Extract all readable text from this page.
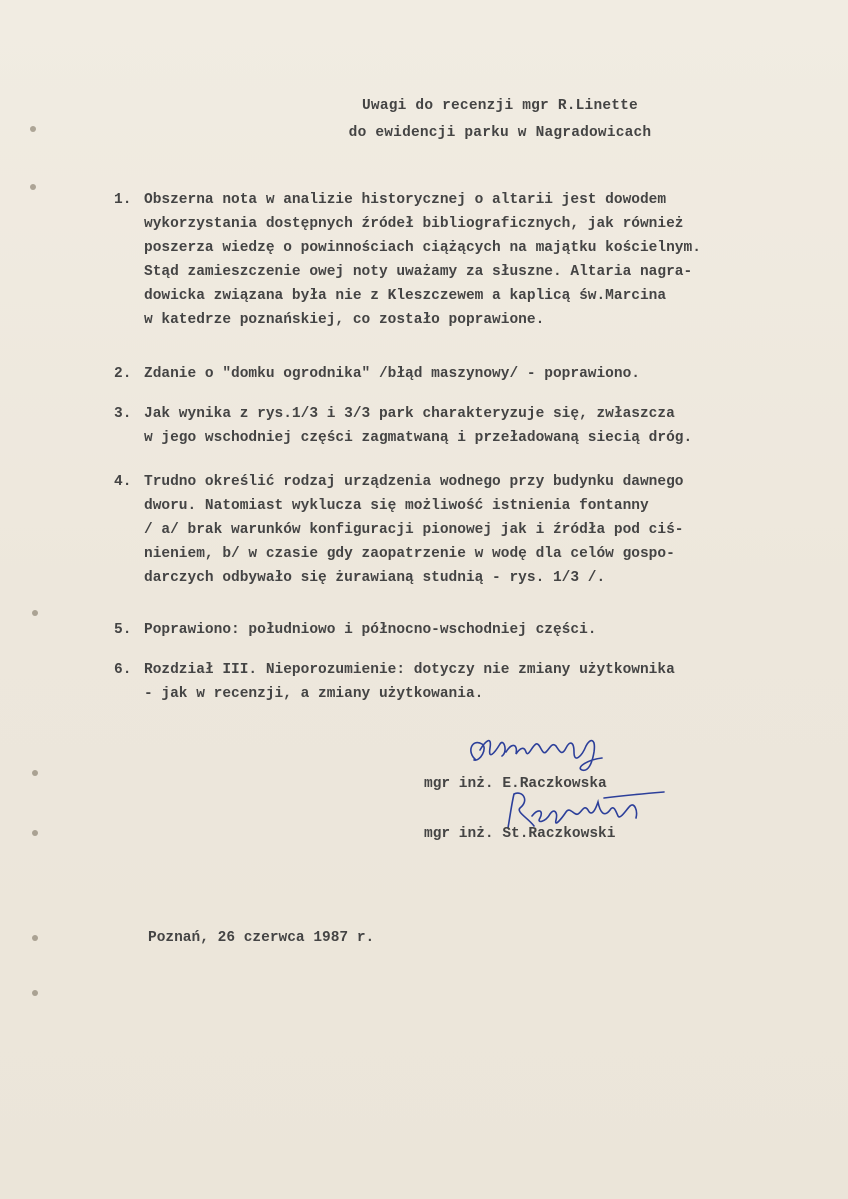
Uwagi do recenzji mgr R.Linette
do ewidencji parku w Nagradowicach
1. Obszerna nota w analizie historycznej o altarii jest dowodem
wykorzystania dostępnych źródeł bibliograficznych, jak również
poszerza wiedzę o powinnościach ciążących na majątku kościelnym.
Stąd zamieszczenie owej noty uważamy za słuszne. Altaria nagra-
dowicka związana była nie z Kleszczewem a kaplicą św.Marcina
w katedrze poznańskiej, co zostało poprawione.
2. Zdanie o "domku ogrodnika" /błąd maszynowy/ - poprawiono.
3. Jak wynika z rys.1/3 i 3/3 park charakteryzuje się, zwłaszcza
w jego wschodniej części zagmatwaną i przeładowaną siecią dróg.
4. Trudno określić rodzaj urządzenia wodnego przy budynku dawnego
dworu. Natomiast wyklucza się możliwość istnienia fontanny
/ a/ brak warunków konfiguracji pionowej jak i źródła pod ciś-
nieniem, b/ w czasie gdy zaopatrzenie w wodę dla celów gospo-
darczych odbywało się żurawianą studnią - rys. 1/3 /.
5. Poprawiono: południowo i północno-wschodniej części.
6. Rozdział III. Nieporozumienie: dotyczy nie zmiany użytkownika
- jak w recenzji, a zmiany użytkowania.
mgr inż. E.Raczkowska
mgr inż. St.Raczkowski
Poznań, 26 czerwca 1987 r.
